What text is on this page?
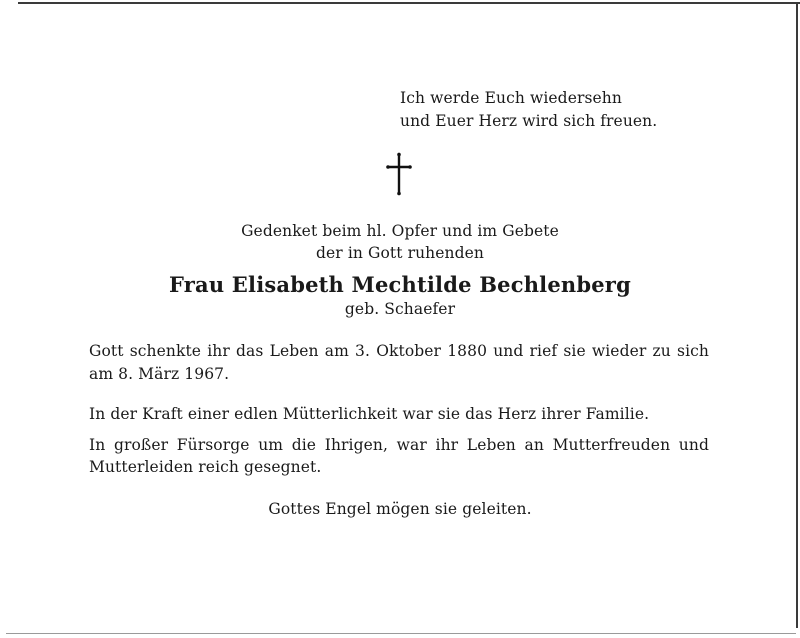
Ich werde Euch wiedersehn
und Euer Herz wird sich freuen.
Gedenket beim hl. Opfer und im Gebete
der in Gott ruhenden
Frau Elisabeth Mechtilde Bechlenberg
geb. Schaefer
Gott schenkte ihr das Leben am 3. Oktober 1880 und rief sie wieder zu sich
am 8. März 1967.
In der Kraft einer edlen Mütterlichkeit war sie das Herz ihrer Familie.
In großer Fürsorge um die Ihrigen, war ihr Leben an Mutterfreuden und
Mutterleiden reich gesegnet.
Gottes Engel mögen sie geleiten.
